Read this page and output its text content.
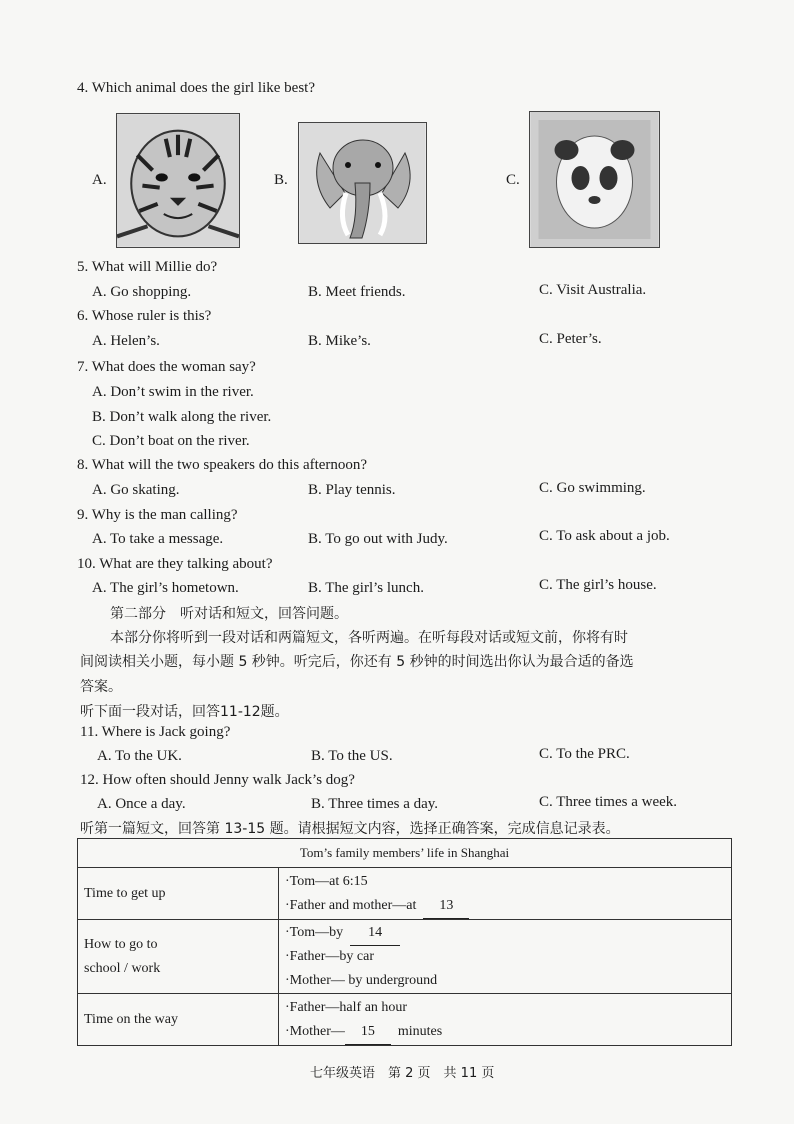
4. Which animal does the girl like best?
A.	B.	C.
5. What will Millie do?
A. Go shopping.	B. Meet friends.	C. Visit Australia.
6. Whose ruler is this?
A. Helen’s.	B. Mike’s.	C. Peter’s.
7. What does the woman say?
A. Don’t swim in the river.
B. Don’t walk along the river.
C. Don’t boat on the river.
8. What will the two speakers do this afternoon?
A. Go skating.	B. Play tennis.	C. Go swimming.
9. Why is the man calling?
A. To take a message.	B. To go out with Judy.	C. To ask about a job.
10. What are they talking about?
A. The girl’s hometown.	B. The girl’s lunch.	C. The girl’s house.
第二部分　听对话和短文，回答问题。
本部分你将听到一段对话和两篇短文，各听两遍。在听每段对话或短文前，你将有时
间阅读相关小题，每小题 5 秒钟。听完后，你还有 5 秒钟的时间选出你认为最合适的备选
答案。
听下面一段对话，回答11-12题。
11. Where is Jack going?
A. To the UK.	B. To the US.	C. To the PRC.
12. How often should Jenny walk Jack’s dog?
A. Once a day.	B. Three times a day.	C. Three times a week.
听第一篇短文，回答第 13-15 题。请根据短文内容，选择正确答案，完成信息记录表。
Tom’s family members’ life in Shanghai	
Time to get up	·Tom—at 6:15
·Father and mother—at 13

How to go to
school / work	·Tom—by 14
·Father—by car
·Mother— by underground

Time on the way	·Father—half an hour
·Mother— 15 minutes
七年级英语　第 2 页　共 11 页
